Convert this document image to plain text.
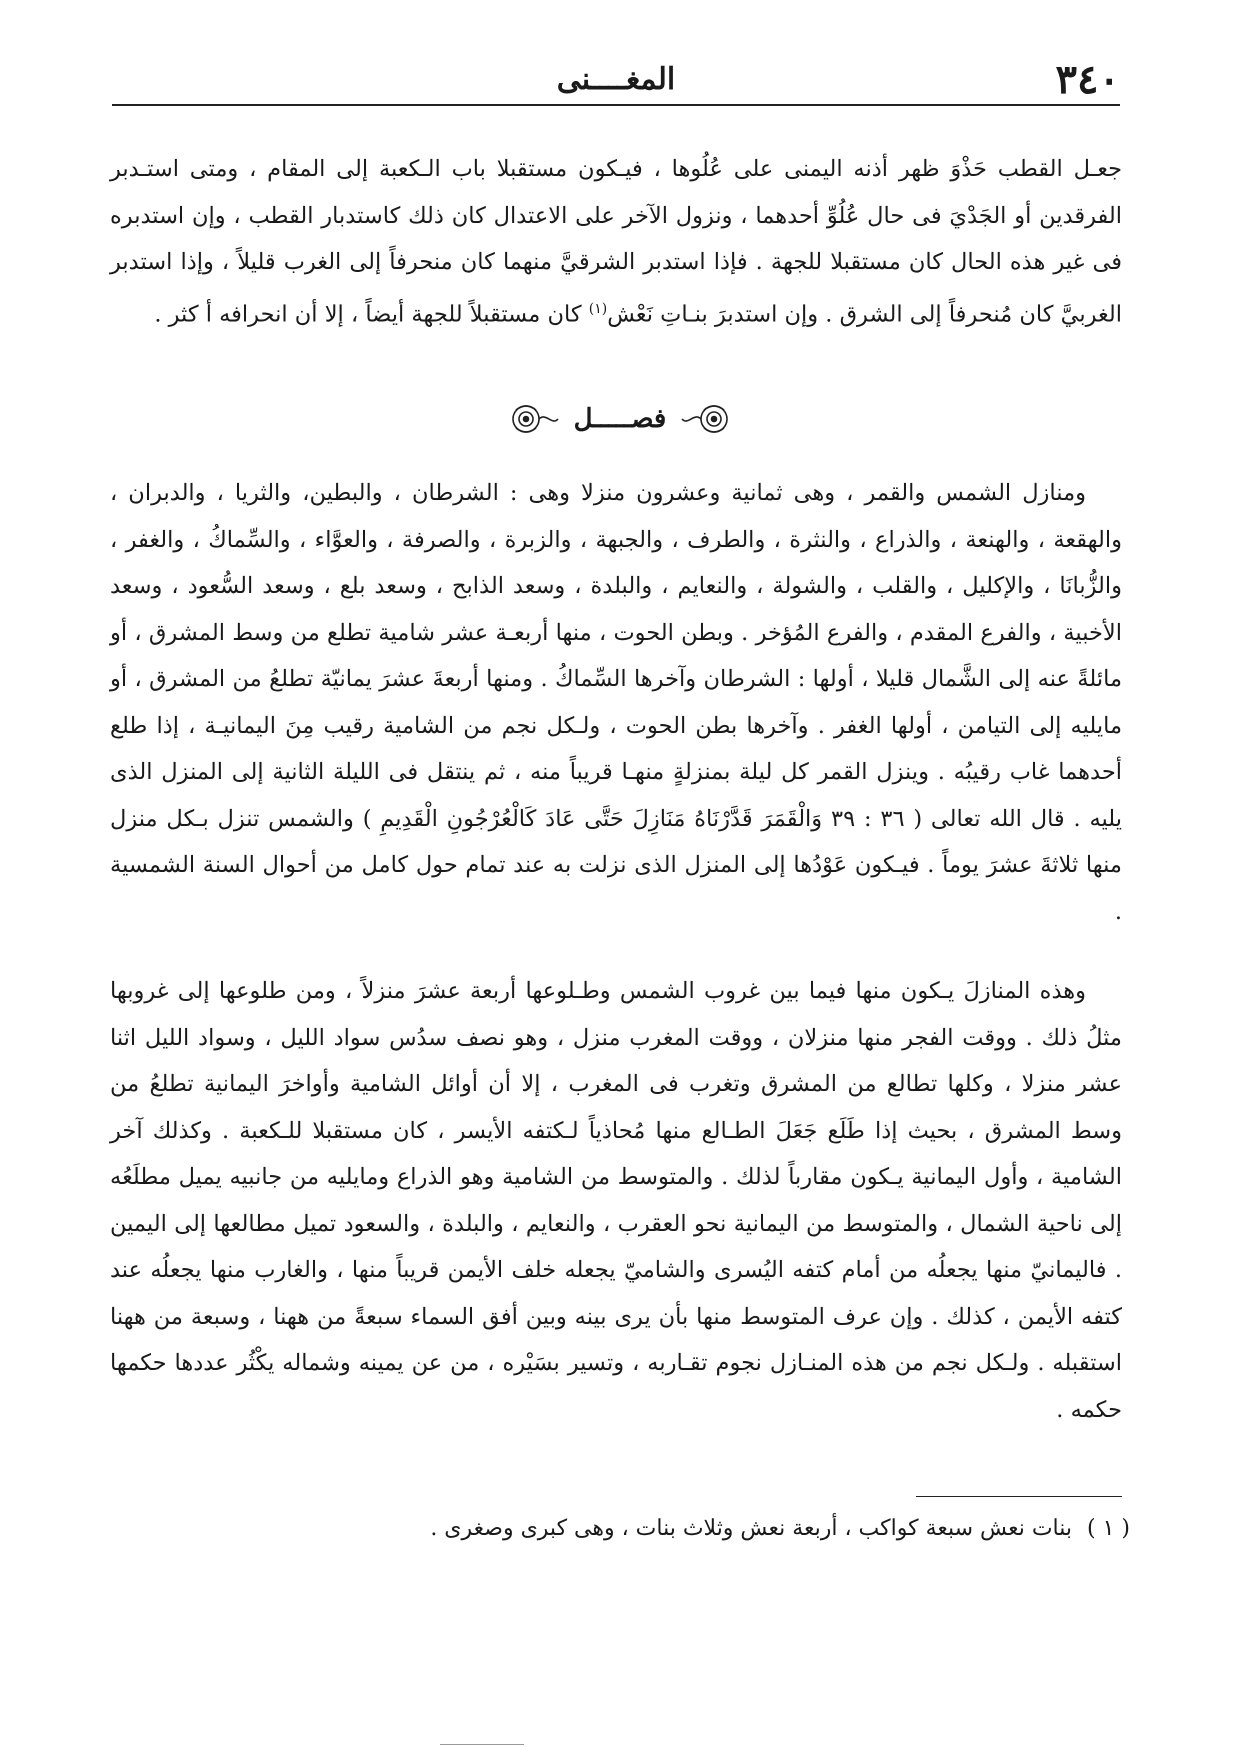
٣٤٠
المغــــنى
جعـل القطب حَذْوَ ظهر أذنه اليمنى على عُلُوها ، فيـكون مستقبلا باب الـكعبة إلى المقام ، ومتى استـدبر الفرقدين أو الجَدْيَ فى حال عُلُوِّ أحدهما ، ونزول الآخر على الاعتدال كان ذلك كاستدبار القطب ، وإن استدبره فى غير هذه الحال كان مستقبلا للجهة . فإذا استدبر الشرقيَّ منهما كان منحرفاً إلى الغرب قليلاً ، وإذا استدبر الغربيَّ كان مُنحرفاً إلى الشرق . وإن استدبرَ بنـاتِ نَعْش$^{(١)}$ كان مستقبلاً للجهة أيضاً ، إلا أن انحرافه أ كثر .
فصـــــل
ومنازل الشمس والقمر ، وهى ثمانية وعشرون منزلا وهى : الشرطان ، والبطين، والثريا ، والدبران ، والهقعة ، والهنعة ، والذراع ، والنثرة ، والطرف ، والجبهة ، والزبرة ، والصرفة ، والعوَّاء ، والسِّماكُ ، والغفر ، والزُّبانَا ، والإكليل ، والقلب ، والشولة ، والنعايم ، والبلدة ، وسعد الذابح ، وسعد بلع ، وسعد السُّعود ، وسعد الأخبية ، والفرع المقدم ، والفرع المُؤخر . وبطن الحوت ، منها أربعـة عشر شامية تطلع من وسط المشرق ، أو مائلةً عنه إلى الشَّمال قليلا ، أولها : الشرطان وآخرها السِّماكُ . ومنها أربعةَ عشرَ يمانيّة تطلعُ من المشرق ، أو مايليه إلى التيامن ، أولها الغفر . وآخرها بطن الحوت ، ولـكل نجم من الشامية رقيب مِنَ اليمانيـة ، إذا طلع أحدهما غاب رقيبُه . وينزل القمر كل ليلة بمنزلةٍ منهـا قريباً منه ، ثم ينتقل فى الليلة الثانية إلى المنزل الذى يليه . قال الله تعالى ( ٣٦ : ٣٩ وَالْقَمَرَ قَدَّرْنَاهُ مَنَازِلَ حَتَّى عَادَ كَالْعُرْجُونِ الْقَدِيمِ ) والشمس تنزل بـكل منزل منها ثلاثةَ عشرَ يوماً . فيـكون عَوْدُها إلى المنزل الذى نزلت به عند تمام حول كامل من أحوال السنة الشمسية .
وهذه المنازلَ يـكون منها فيما بين غروب الشمس وطـلوعها أربعة عشرَ منزلاً ، ومن طلوعها إلى غروبها مثلُ ذلك . ووقت الفجر منها منزلان ، ووقت المغرب منزل ، وهو نصف سدُس سواد الليل ، وسواد الليل اثنا عشر منزلا ، وكلها تطالع من المشرق وتغرب فى المغرب ، إلا أن أوائل الشامية وأواخرَ اليمانية تطلعُ من وسط المشرق ، بحيث إذا طَلَع جَعَلَ الطـالع منها مُحاذياً لـكتفه الأيسر ، كان مستقبلا للـكعبة . وكذلك آخر الشامية ، وأول اليمانية يـكون مقارباً لذلك . والمتوسط من الشامية وهو الذراع ومايليه من جانبيه يميل مطلَعُه إلى ناحية الشمال ، والمتوسط من اليمانية نحو العقرب ، والنعايم ، والبلدة ، والسعود تميل مطالعها إلى اليمين . فاليمانيّ منها يجعلُه من أمام كتفه اليُسرى والشاميّ يجعله خلف الأيمن قريباً منها ، والغارب منها يجعلُه عند كتفه الأيمن ، كذلك . وإن عرف المتوسط منها بأن يرى بينه وبين أفق السماء سبعةً من ههنا ، وسبعة من ههنا استقبله . ولـكل نجم من هذه المنـازل نجوم تقـاربه ، وتسير بسَيْره ، من عن يمينه وشماله يكْثُر عددها حكمها حكمه .
( ١ ) بنات نعش سبعة كواكب ، أربعة نعش وثلاث بنات ، وهى كبرى وصغرى .
